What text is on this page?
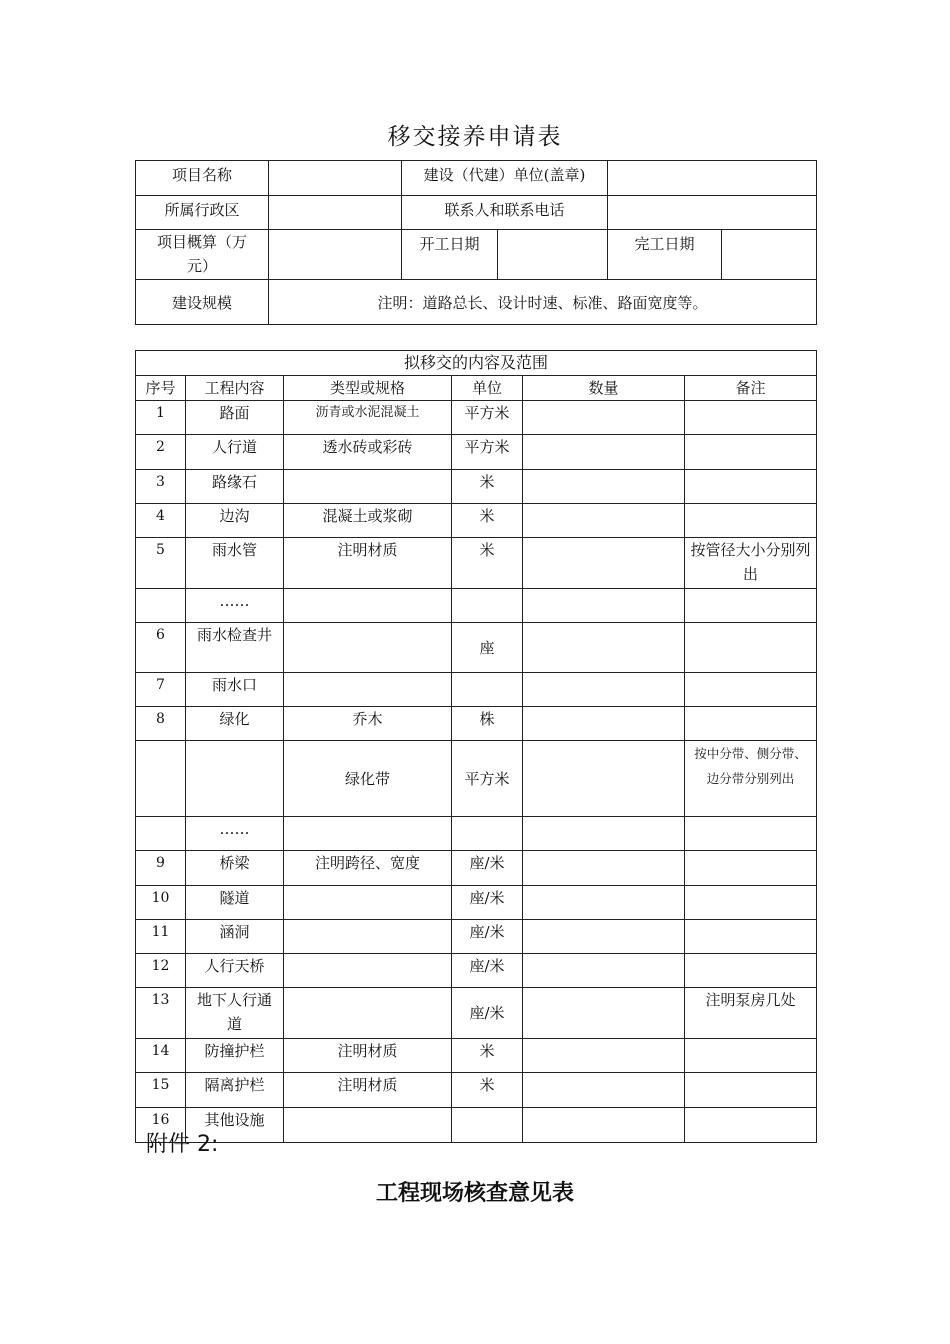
移交接养申请表
项目名称		建设（代建）单位(盖章)			
所属行政区		联系人和联系电话			
项目概算（万元）		开工日期		完工日期	
建设规模	注明：道路总长、设计时速、标准、路面宽度等。				
拟移交的内容及范围					
序号	工程内容	类型或规格	单位	数量	备注
1	路面	沥青或水泥混凝土	平方米		
2	人行道	透水砖或彩砖	平方米		
3	路缘石		米		
4	边沟	混凝土或浆砌	米		
5	雨水管	注明材质	米		按管径大小分别列出
	……				
6	雨水检查井		座		
7	雨水口				
8	绿化	乔木	株		
		绿化带	平方米		按中分带、侧分带、边分带分别列出
	……				
9	桥梁	注明跨径、宽度	座/米		
10	隧道		座/米		
11	涵洞		座/米		
12	人行天桥		座/米		
13	地下人行通道		座/米		注明泵房几处
14	防撞护栏	注明材质	米		
15	隔离护栏	注明材质	米		
16	其他设施				
附件 2:
工程现场核查意见表
